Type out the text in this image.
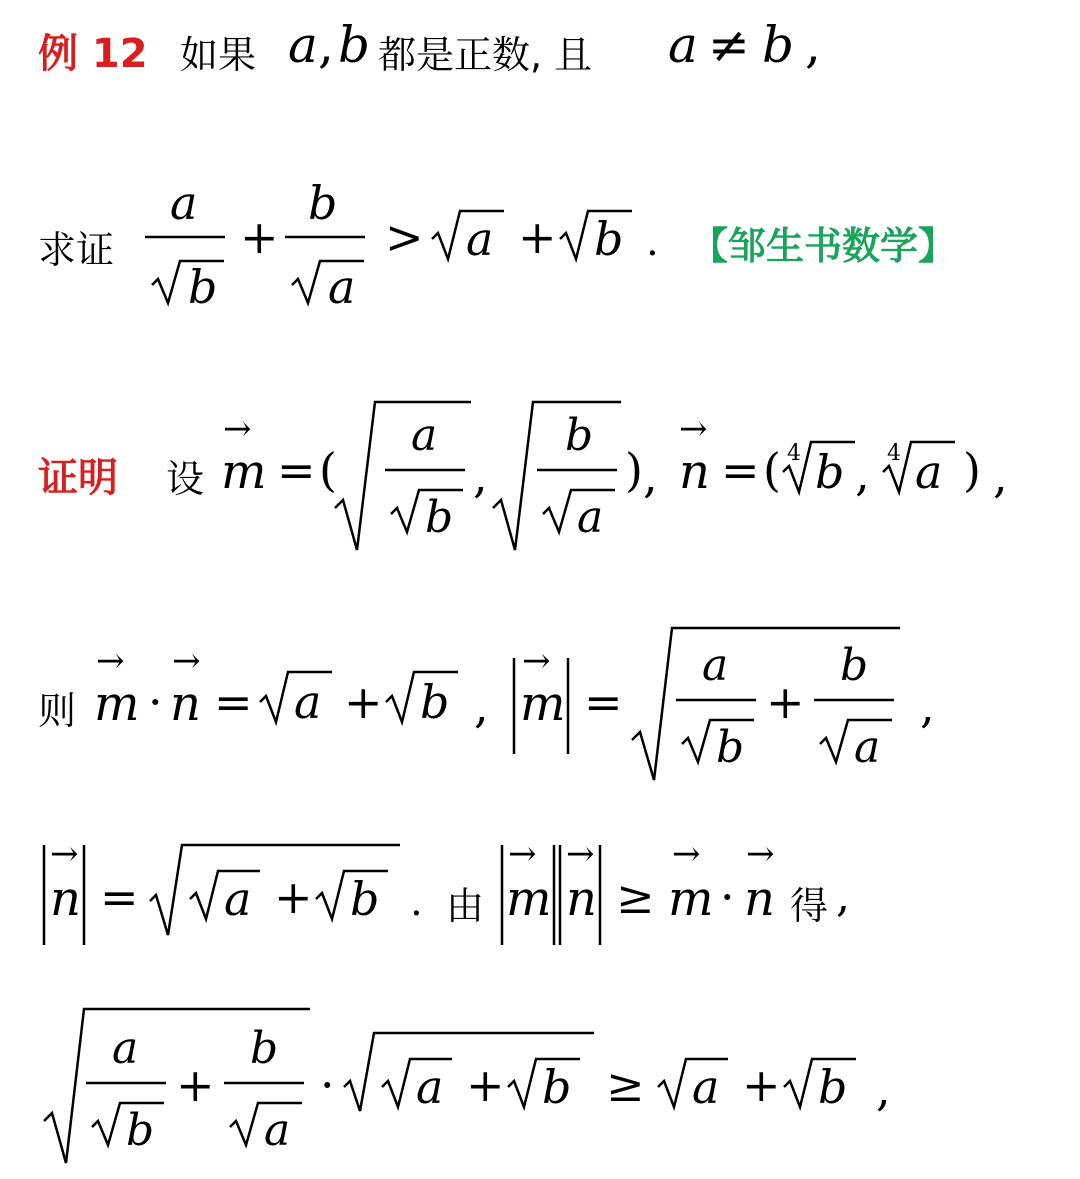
例 12 如果 a , b 都是正数, 且 a ≠ b ,
求证
a
b
+
b
a
> a + b . 【邹生书数学】
证明 设
→
m = (
a
b
,
b
a
) ,
→
n = ( 4 b , 4 a ) ,
则
→
m ·
→
n = a + b ,
→
m =
a
b
+
b
a
,
→
n = a + b . 由
→
m
→
n ≥
→
m ·
→
n 得 ,
a
b
+
b
a
· a + b ≥ a + b ,
